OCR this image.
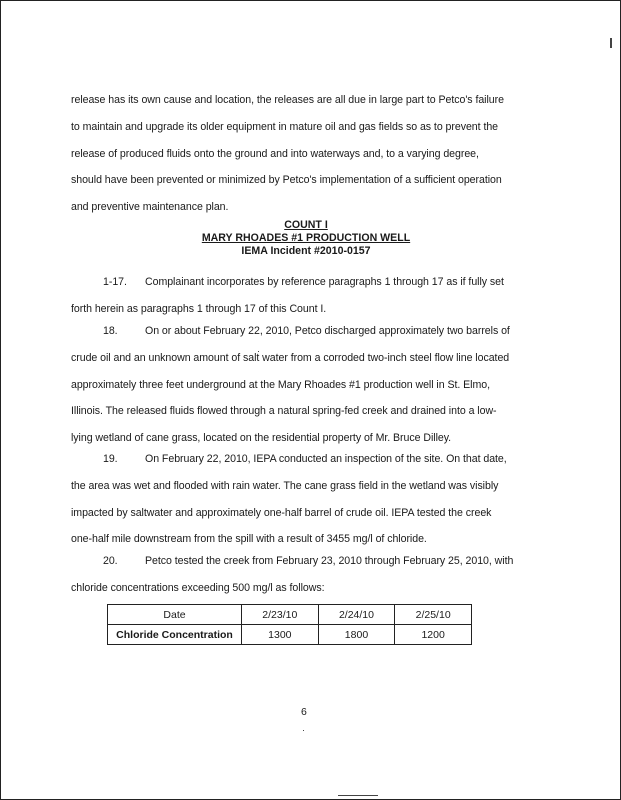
release has its own cause and location, the releases are all due in large part to Petco's failure
to maintain and upgrade its older equipment in mature oil and gas fields so as to prevent the
release of produced fluids onto the ground and into waterways and, to a varying degree,
should have been prevented or minimized by Petco's implementation of a sufficient operation
and preventive maintenance plan.
COUNT I
MARY RHOADES #1 PRODUCTION WELL
IEMA Incident #2010-0157
1-17. Complainant incorporates by reference paragraphs 1 through 17 as if fully set
forth herein as paragraphs 1 through 17 of this Count I.
18.	On or about February 22, 2010, Petco discharged approximately two barrels of
crude oil and an unknown amount of salt water from a corroded two-inch steel flow line located
approximately three feet underground at the Mary Rhoades #1 production well in St. Elmo,
Illinois. The released fluids flowed through a natural spring-fed creek and drained into a low-
lying wetland of cane grass, located on the residential property of Mr. Bruce Dilley.
19.	On February 22, 2010, IEPA conducted an inspection of the site. On that date,
the area was wet and flooded with rain water. The cane grass field in the wetland was visibly
impacted by saltwater and approximately one-half barrel of crude oil. IEPA tested the creek
one-half mile downstream from the spill with a result of 3455 mg/l of chloride.
20.	Petco tested the creek from February 23, 2010 through February 25, 2010, with
chloride concentrations exceeding 500 mg/l as follows:
Date	2/23/10	2/24/10	2/25/10
Chloride Concentration	1300	1800	1200
6
